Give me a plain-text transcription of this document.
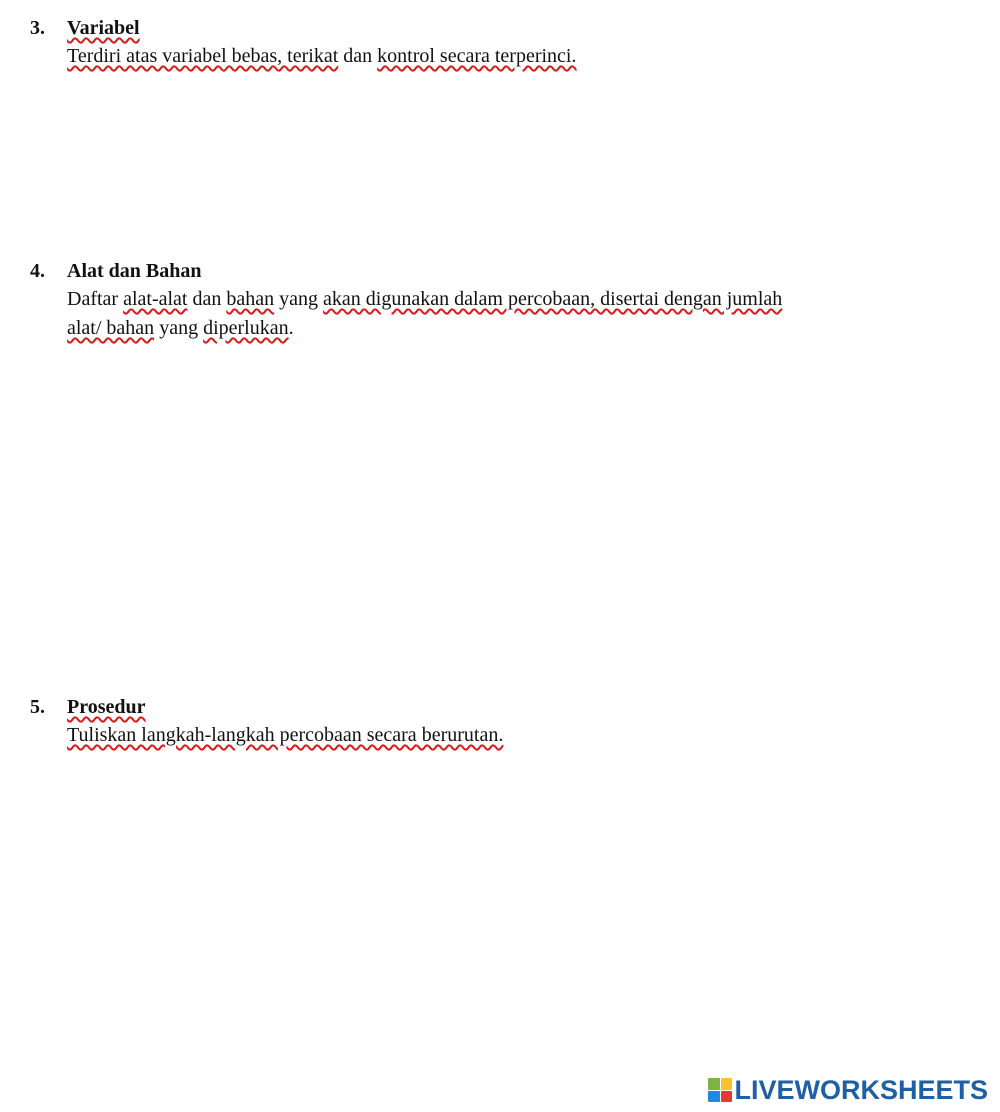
3. Variabel
Terdiri atas variabel bebas, terikat dan kontrol secara terperinci.
4. Alat dan Bahan
Daftar alat-alat dan bahan yang akan digunakan dalam percobaan, disertai dengan jumlah
alat/ bahan yang diperlukan.
5. Prosedur
Tuliskan langkah-langkah percobaan secara berurutan.
LIVEWORKSHEETS
